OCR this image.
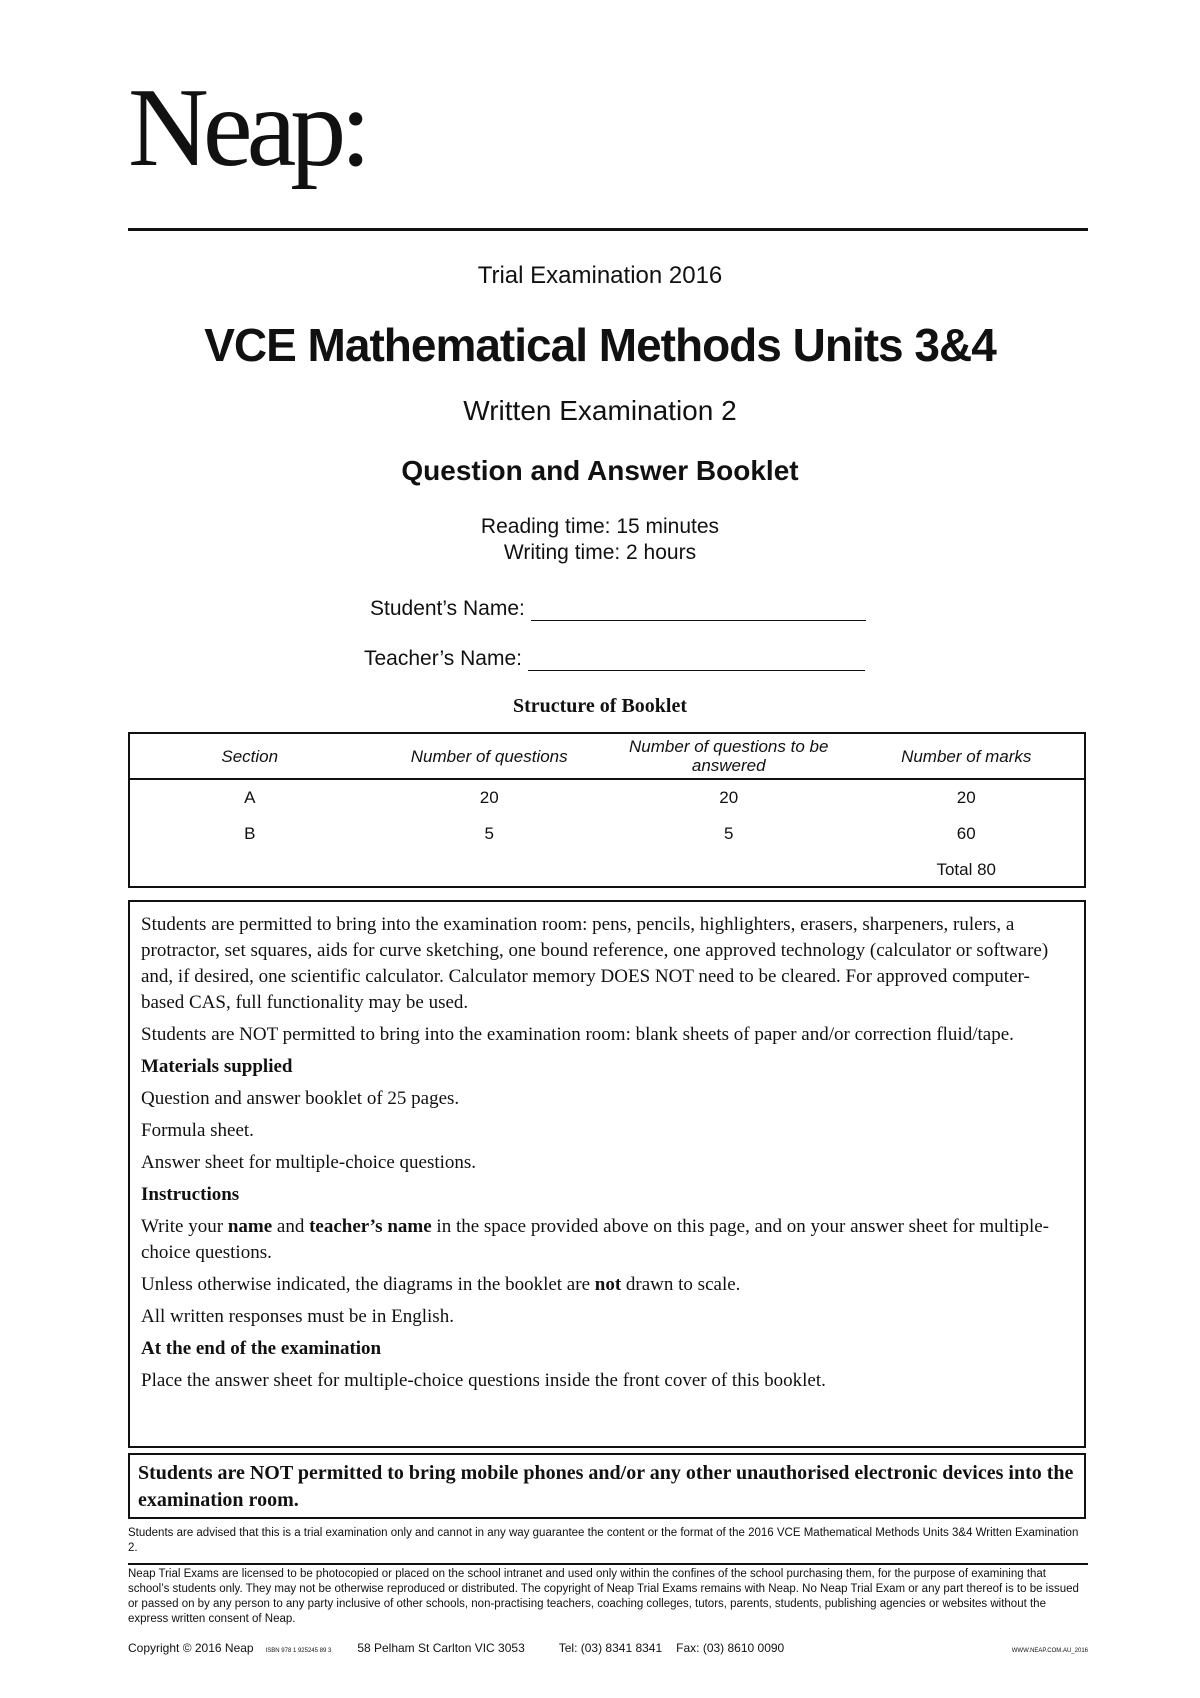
Neap:
Trial Examination 2016
VCE Mathematical Methods Units 3&4
Written Examination 2
Question and Answer Booklet
Reading time: 15 minutes
Writing time: 2 hours
Student’s Name:
Teacher’s Name:
Structure of Booklet
Section	Number of questions	Number of questions to be answered	Number of marks
A	20	20	20
B	5	5	60
			Total 80

Students are permitted to bring into the examination room: pens, pencils, highlighters, erasers, sharpeners, rulers, a protractor, set squares, aids for curve sketching, one bound reference, one approved technology (calculator or software) and, if desired, one scientific calculator. Calculator memory DOES NOT need to be cleared. For approved computer-based CAS, full functionality may be used.

Students are NOT permitted to bring into the examination room: blank sheets of paper and/or correction fluid/tape.

Materials supplied

Question and answer booklet of 25 pages.

Formula sheet.

Answer sheet for multiple-choice questions.

Instructions

Write your name and teacher’s name in the space provided above on this page, and on your answer sheet for multiple-choice questions.

Unless otherwise indicated, the diagrams in the booklet are not drawn to scale.

All written responses must be in English.

At the end of the examination

Place the answer sheet for multiple-choice questions inside the front cover of this booklet.

Students are NOT permitted to bring mobile phones and/or any other unauthorised electronic devices into the examination room.
Students are advised that this is a trial examination only and cannot in any way guarantee the content or the format of the 2016 VCE Mathematical Methods Units 3&4 Written Examination 2.
Neap Trial Exams are licensed to be photocopied or placed on the school intranet and used only within the confines of the school purchasing them, for the purpose of examining that school’s students only. They may not be otherwise reproduced or distributed. The copyright of Neap Trial Exams remains with Neap. No Neap Trial Exam or any part thereof is to be issued or passed on by any person to any party inclusive of other schools, non-practising teachers, coaching colleges, tutors, parents, students, publishing agencies or websites without the express written consent of Neap.
Copyright © 2016 Neap ISBN 978 1 925245 89 3 58 Pelham St Carlton VIC 3053	Tel: (03) 8341 8341 Fax: (03) 8610 0090	WWW.NEAP.COM.AU_2016
